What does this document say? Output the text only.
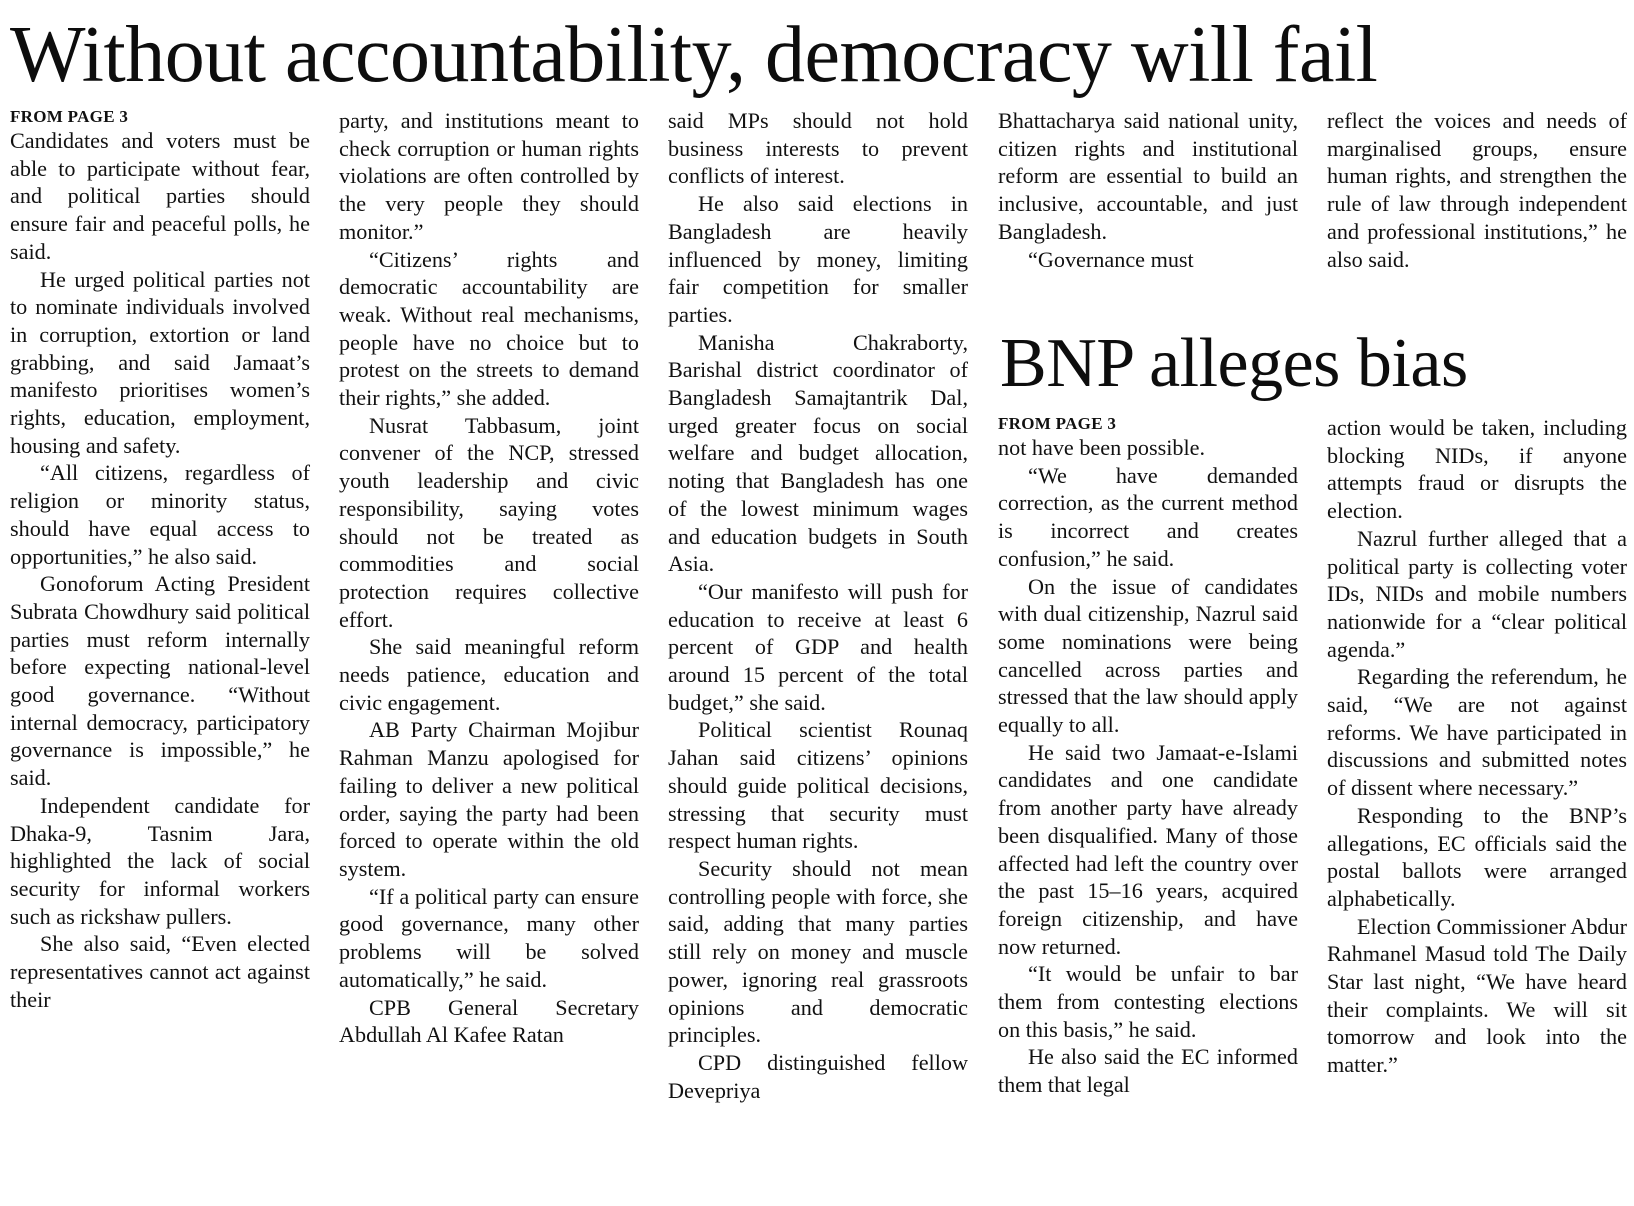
Without accountability, democracy will fail
FROM PAGE 3

Candidates and voters must be able to participate without fear, and political parties should ensure fair and peaceful polls, he said.

He urged political parties not to nominate individuals involved in corruption, extortion or land grabbing, and said Jamaat’s manifesto prioritises women’s rights, education, employment, housing and safety.

“All citizens, regardless of religion or minority status, should have equal access to opportunities,” he also said.

Gonoforum Acting President Subrata Chowdhury said political parties must reform internally before expecting national-level good governance. “Without internal democracy, participatory governance is impossible,” he said.

Independent candidate for Dhaka-9, Tasnim Jara, highlighted the lack of social security for informal workers such as rickshaw pullers.

She also said, “Even elected representatives cannot act against their

party, and institutions meant to check corruption or human rights violations are often controlled by the very people they should monitor.”

“Citizens’ rights and democratic accountability are weak. Without real mechanisms, people have no choice but to protest on the streets to demand their rights,” she added.

Nusrat Tabbasum, joint convener of the NCP, stressed youth leadership and civic responsibility, saying votes should not be treated as commodities and social protection requires collective effort.

She said meaningful reform needs patience, education and civic engagement.

AB Party Chairman Mojibur Rahman Manzu apologised for failing to deliver a new political order, saying the party had been forced to operate within the old system.

“If a political party can ensure good governance, many other problems will be solved automatically,” he said.

CPB General Secretary Abdullah Al Kafee Ratan

said MPs should not hold business interests to prevent conflicts of interest.

He also said elections in Bangladesh are heavily influenced by money, limiting fair competition for smaller parties.

Manisha Chakraborty, Barishal district coordinator of Bangladesh Samajtantrik Dal, urged greater focus on social welfare and budget allocation, noting that Bangladesh has one of the lowest minimum wages and education budgets in South Asia.

“Our manifesto will push for education to receive at least 6 percent of GDP and health around 15 percent of the total budget,” she said.

Political scientist Rounaq Jahan said citizens’ opinions should guide political decisions, stressing that security must respect human rights.

Security should not mean controlling people with force, she said, adding that many parties still rely on money and muscle power, ignoring real grassroots opinions and democratic principles.

CPD distinguished fellow Devepriya

Bhattacharya said national unity, citizen rights and institutional reform are essential to build an inclusive, accountable, and just Bangladesh.

“Governance must

reflect the voices and needs of marginalised groups, ensure human rights, and strengthen the rule of law through independent and professional institutions,” he also said.

BNP alleges bias
FROM PAGE 3

not have been possible.

“We have demanded correction, as the current method is incorrect and creates confusion,” he said.

On the issue of candidates with dual citizenship, Nazrul said some nominations were being cancelled across parties and stressed that the law should apply equally to all.

He said two Jamaat-e-Islami candidates and one candidate from another party have already been disqualified. Many of those affected had left the country over the past 15–16 years, acquired foreign citizenship, and have now returned.

“It would be unfair to bar them from contesting elections on this basis,” he said.

He also said the EC informed them that legal

action would be taken, including blocking NIDs, if anyone attempts fraud or disrupts the election.

Nazrul further alleged that a political party is collecting voter IDs, NIDs and mobile numbers nationwide for a “clear political agenda.”

Regarding the referendum, he said, “We are not against reforms. We have participated in discussions and submitted notes of dissent where necessary.”

Responding to the BNP’s allegations, EC officials said the postal ballots were arranged alphabetically.

Election Commissioner Abdur Rahmanel Masud told The Daily Star last night, “We have heard their complaints. We will sit tomorrow and look into the matter.”
